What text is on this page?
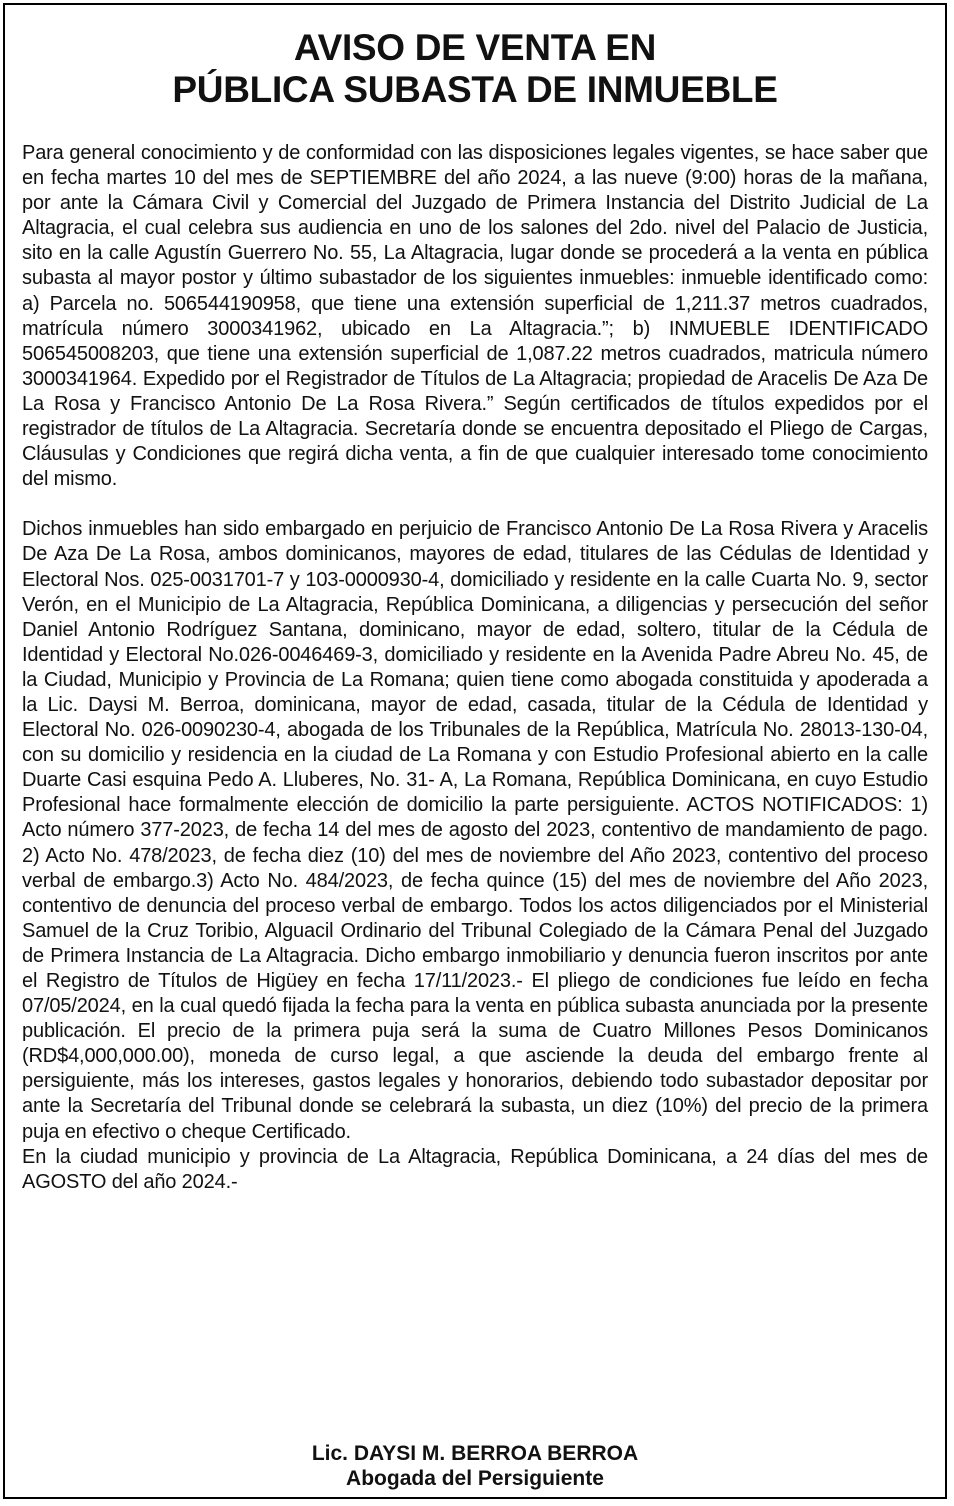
AVISO DE VENTA EN
PÚBLICA SUBASTA DE INMUEBLE

Para general conocimiento y de conformidad con las disposiciones legales vigentes, se hace saber que en fecha martes 10 del mes de SEPTIEMBRE del año 2024, a las nueve (9:00) horas de la mañana, por ante la Cámara Civil y Comercial del Juzgado de Primera Instancia del Distrito Judicial de La Altagracia, el cual celebra sus audiencia en uno de los salones del 2do. nivel del Palacio de Justicia, sito en la calle Agustín Guerrero No. 55, La Altagracia, lugar donde se procederá a la venta en pública subasta al mayor postor y último subastador de los siguientes inmuebles: inmueble identificado como: a) Parcela no. 506544190958, que tiene una extensión superficial de 1,211.37 metros cuadrados, matrícula número 3000341962, ubicado en La Altagracia.”; b) INMUEBLE IDENTIFICADO 506545008203, que tiene una extensión superficial de 1,087.22 metros cuadrados, matricula número 3000341964. Expedido por el Registrador de Títulos de La Altagracia; propiedad de Aracelis De Aza De La Rosa y Francisco Antonio De La Rosa Rivera.” Según certificados de títulos expedidos por el registrador de títulos de La Altagracia. Secretaría donde se encuentra depositado el Pliego de Cargas, Cláusulas y Condiciones que regirá dicha venta, a fin de que cualquier interesado tome conocimiento del mismo.

Dichos inmuebles han sido embargado en perjuicio de Francisco Antonio De La Rosa Rivera y Aracelis De Aza De La Rosa, ambos dominicanos, mayores de edad, titulares de las Cédulas de Identidad y Electoral Nos. 025-0031701-7 y 103-0000930-4, domiciliado y residente en la calle Cuarta No. 9, sector Verón, en el Municipio de La Altagracia, República Dominicana, a diligencias y persecución del señor Daniel Antonio Rodríguez Santana, dominicano, mayor de edad, soltero, titular de la Cédula de Identidad y Electoral No.026-0046469-3, domiciliado y residente en la Avenida Padre Abreu No. 45, de la Ciudad, Municipio y Provincia de La Romana; quien tiene como abogada constituida y apoderada a la Lic. Daysi M. Berroa, dominicana, mayor de edad, casada, titular de la Cédula de Identidad y Electoral No. 026-0090230-4, abogada de los Tribunales de la República, Matrícula No. 28013-130-04, con su domicilio y residencia en la ciudad de La Romana y con Estudio Profesional abierto en la calle Duarte Casi esquina Pedo A. Lluberes, No. 31- A, La Romana, República Dominicana, en cuyo Estudio Profesional hace formalmente elección de domicilio la parte persiguiente. ACTOS NOTIFICADOS: 1) Acto número 377-2023, de fecha 14 del mes de agosto del 2023, contentivo de mandamiento de pago. 2) Acto No. 478/2023, de fecha diez (10) del mes de noviembre del Año 2023, contentivo del proceso verbal de embargo.3) Acto No. 484/2023, de fecha quince (15) del mes de noviembre del Año 2023, contentivo de denuncia del proceso verbal de embargo. Todos los actos diligenciados por el Ministerial Samuel de la Cruz Toribio, Alguacil Ordinario del Tribunal Colegiado de la Cámara Penal del Juzgado de Primera Instancia de La Altagracia. Dicho embargo inmobiliario y denuncia fueron inscritos por ante el Registro de Títulos de Higüey en fecha 17/11/2023.- El pliego de condiciones fue leído en fecha 07/05/2024, en la cual quedó fijada la fecha para la venta en pública subasta anunciada por la presente publicación. El precio de la primera puja será la suma de Cuatro Millones Pesos Dominicanos (RD$4,000,000.00), moneda de curso legal, a que asciende la deuda del embargo frente al persiguiente, más los intereses, gastos legales y honorarios, debiendo todo subastador depositar por ante la Secretaría del Tribunal donde se celebrará la subasta, un diez (10%) del precio de la primera puja en efectivo o cheque Certificado.

En la ciudad municipio y provincia de La Altagracia, República Dominicana, a 24 días del mes de AGOSTO del año 2024.-

Lic. DAYSI M. BERROA BERROA
Abogada del Persiguiente
